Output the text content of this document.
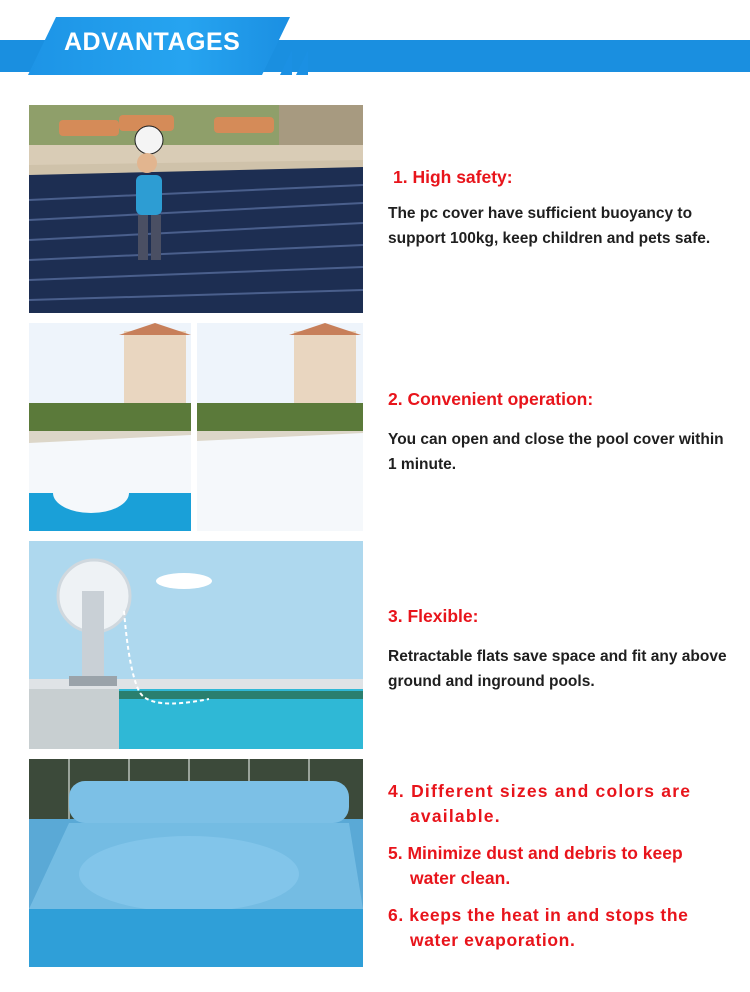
ADVANTAGES
1. High safety:
The pc cover have sufficient buoyancy to support 100kg, keep children and pets safe.
2. Convenient operation:
You can open and close the pool cover within 1 minute.
3. Flexible:
Retractable flats save space and fit any above ground and inground pools.
4. Different sizes and colors are
available.
5. Minimize dust and debris to keep
water clean.
6. keeps the heat in and stops the
water evaporation.
